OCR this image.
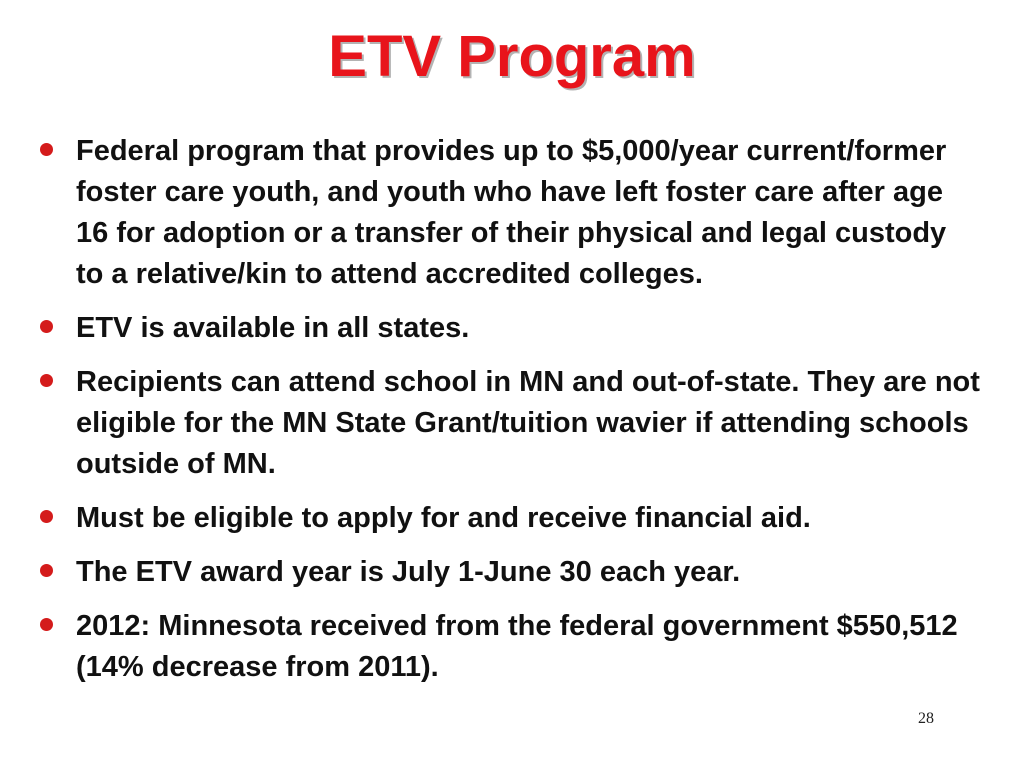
ETV Program
Federal program that provides up to $5,000/year current/former foster care youth, and youth who have left foster care after age 16 for adoption or a transfer of their physical and legal custody to a relative/kin to attend accredited colleges.
ETV is available in all states.
Recipients can attend school in MN and out-of-state. They are not eligible for the MN State Grant/tuition wavier if attending schools outside of MN.
Must be eligible to apply for and receive financial aid.
The ETV award year is July 1-June 30 each year.
2012: Minnesota received from the federal government $550,512 (14% decrease from 2011).
28
